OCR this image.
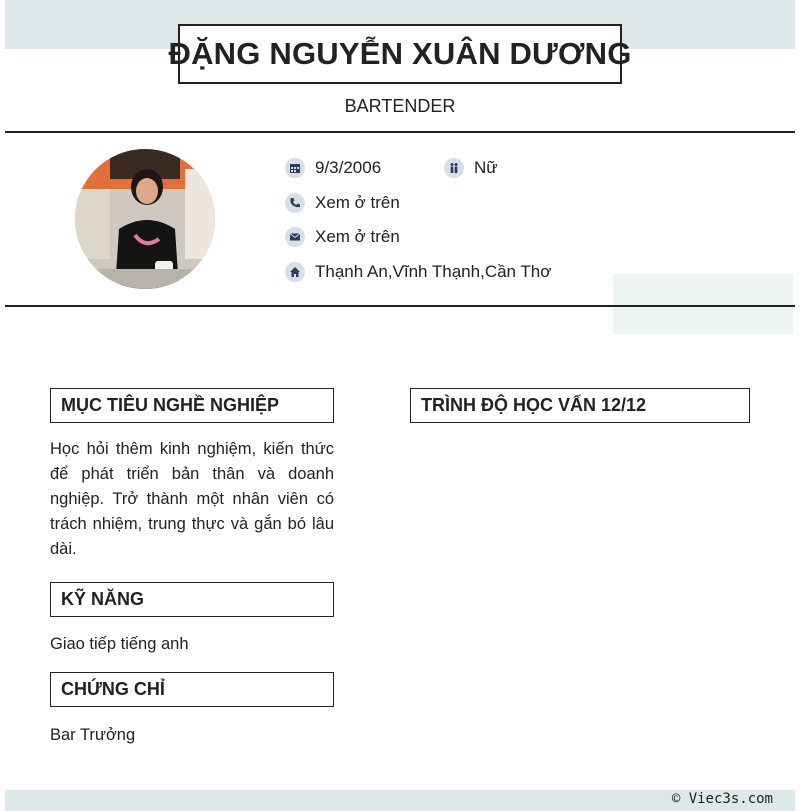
ĐẶNG NGUYỄN XUÂN DƯƠNG
BARTENDER
9/3/2006	Nữ
Xem ở trên
Xem ở trên
Thạnh An,Vĩnh Thạnh,Cần Thơ
MỤC TIÊU NGHỀ NGHIỆP
Học hỏi thêm kinh nghiệm, kiến thức để phát triển bản thân và doanh nghiệp. Trở thành một nhân viên có trách nhiệm, trung thực và gắn bó lâu dài.
KỸ NĂNG
Giao tiếp tiếng anh
CHỨNG CHỈ
Bar Trưởng
TRÌNH ĐỘ HỌC VẤN 12/12
© Viec3s.com
